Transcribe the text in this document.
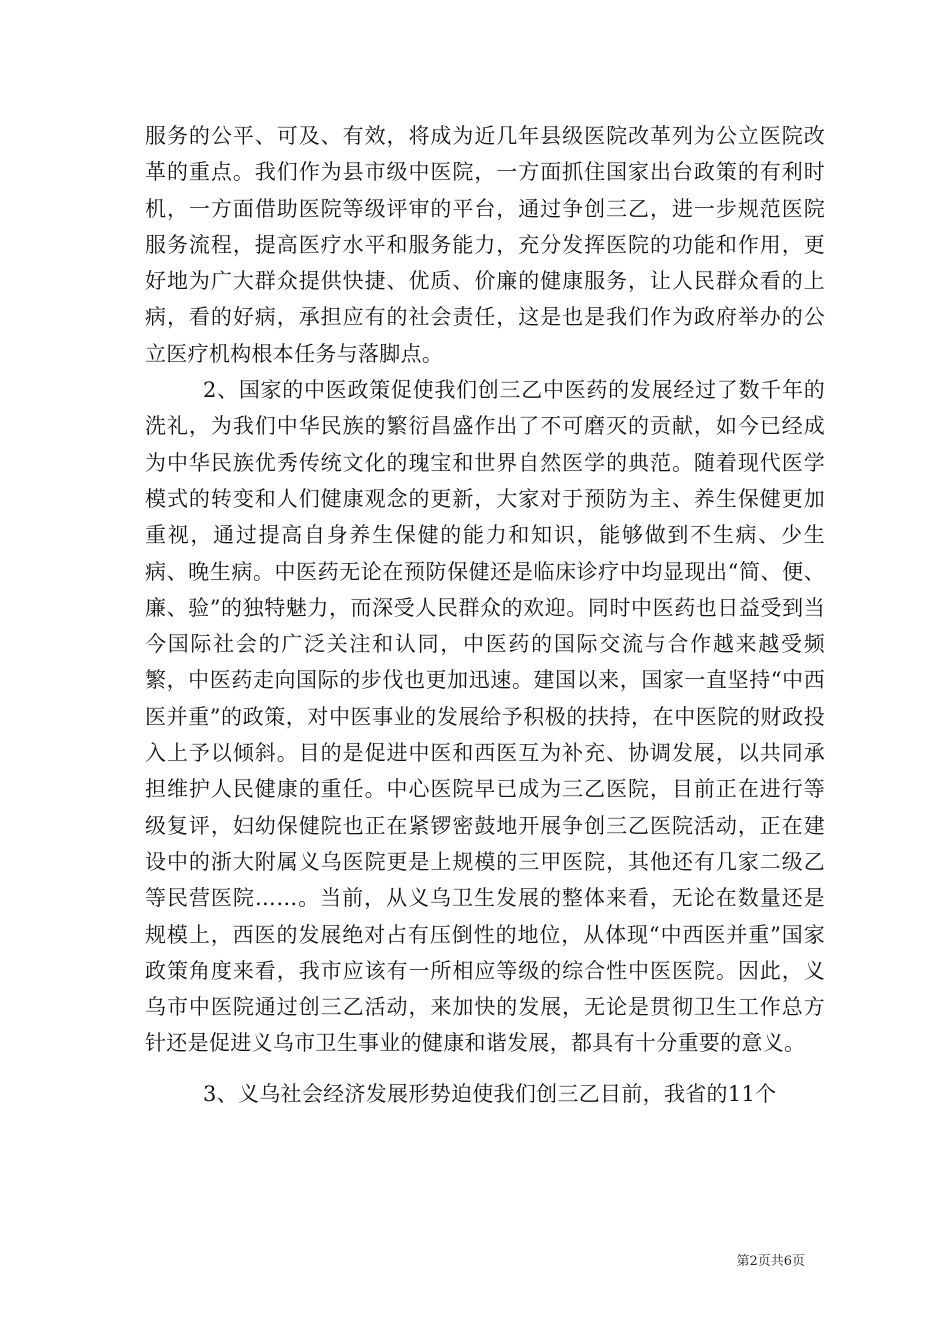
服务的公平、可及、有效，将成为近几年县级医院改革列为公立医院改革的重点。我们作为县市级中医院，一方面抓住国家出台政策的有利时机，一方面借助医院等级评审的平台，通过争创三乙，进一步规范医院服务流程，提高医疗水平和服务能力，充分发挥医院的功能和作用，更好地为广大群众提供快捷、优质、价廉的健康服务，让人民群众看的上病，看的好病，承担应有的社会责任，这是也是我们作为政府举办的公立医疗机构根本任务与落脚点。

2、国家的中医政策促使我们创三乙中医药的发展经过了数千年的洗礼，为我们中华民族的繁衍昌盛作出了不可磨灭的贡献，如今已经成为中华民族优秀传统文化的瑰宝和世界自然医学的典范。随着现代医学模式的转变和人们健康观念的更新，大家对于预防为主、养生保健更加重视，通过提高自身养生保健的能力和知识，能够做到不生病、少生病、晚生病。中医药无论在预防保健还是临床诊疗中均显现出“简、便、廉、验”的独特魅力，而深受人民群众的欢迎。同时中医药也日益受到当今国际社会的广泛关注和认同，中医药的国际交流与合作越来越受频繁，中医药走向国际的步伐也更加迅速。建国以来，国家一直坚持“中西医并重”的政策，对中医事业的发展给予积极的扶持，在中医院的财政投入上予以倾斜。目的是促进中医和西医互为补充、协调发展，以共同承担维护人民健康的重任。中心医院早已成为三乙医院，目前正在进行等级复评，妇幼保健院也正在紧锣密鼓地开展争创三乙医院活动，正在建设中的浙大附属义乌医院更是上规模的三甲医院，其他还有几家二级乙等民营医院……。当前，从义乌卫生发展的整体来看，无论在数量还是规模上，西医的发展绝对占有压倒性的地位，从体现“中西医并重”国家政策角度来看，我市应该有一所相应等级的综合性中医医院。因此，义乌市中医院通过创三乙活动，来加快的发展，无论是贯彻卫生工作总方针还是促进义乌市卫生事业的健康和谐发展，都具有十分重要的意义。

3、义乌社会经济发展形势迫使我们创三乙目前，我省的11个

第2页共6页
